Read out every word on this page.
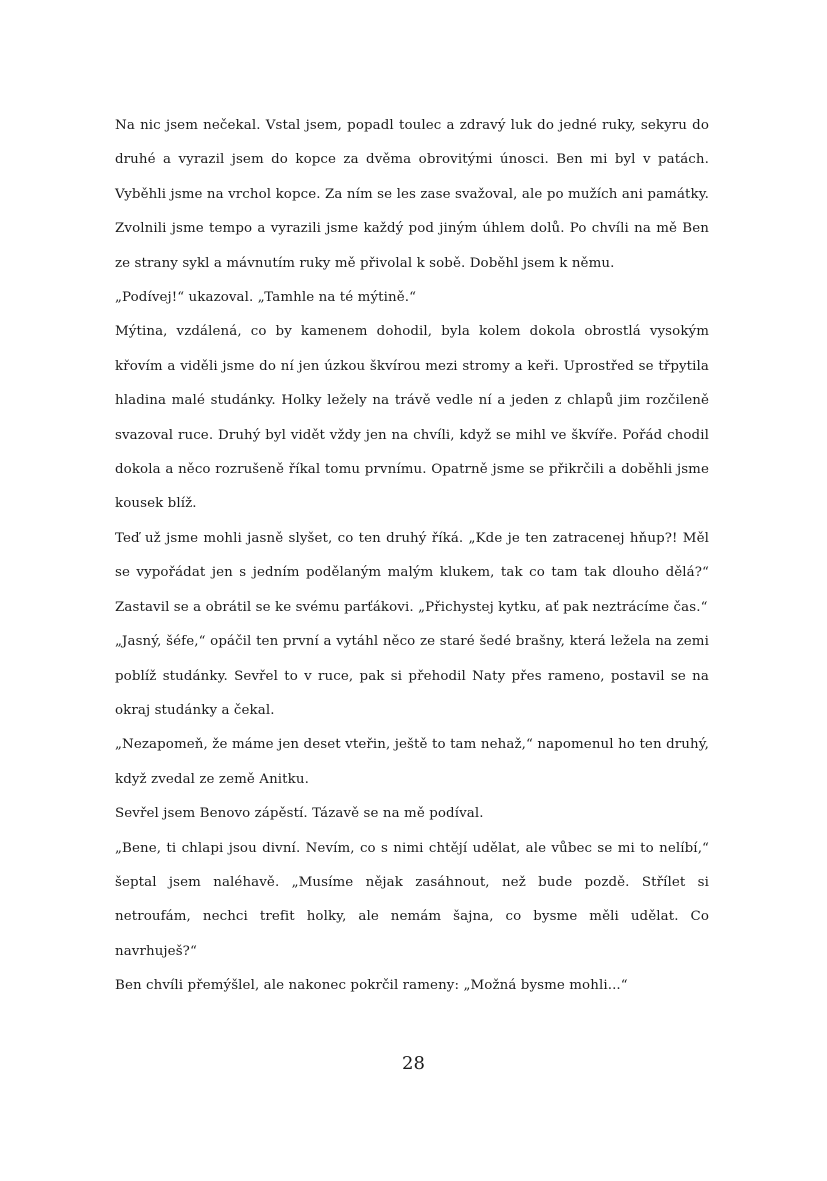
Na nic jsem nečekal. Vstal jsem, popadl toulec a zdravý luk do jedné ruky, sekyru do druhé a vyrazil jsem do kopce za dvěma obrovitými únosci. Ben mi byl v patách. Vyběhli jsme na vrchol kopce. Za ním se les zase svažoval, ale po mužích ani památky. Zvolnili jsme tempo a vyrazili jsme každý pod jiným úhlem dolů. Po chvíli na mě Ben ze strany sykl a mávnutím ruky mě přivolal k sobě. Doběhl jsem k němu.

„Podívej!“ ukazoval. „Tamhle na té mýtině.“

Mýtina, vzdálená, co by kamenem dohodil, byla kolem dokola obrostlá vysokým křovím a viděli jsme do ní jen úzkou škvírou mezi stromy a keři. Uprostřed se třpytila hladina malé studánky. Holky ležely na trávě vedle ní a jeden z chlapů jim rozčileně svazoval ruce. Druhý byl vidět vždy jen na chvíli, když se mihl ve škvíře. Pořád chodil dokola a něco rozrušeně říkal tomu prvnímu. Opatrně jsme se přikrčili a doběhli jsme kousek blíž.

Teď už jsme mohli jasně slyšet, co ten druhý říká. „Kde je ten zatracenej hňup?! Měl se vypořádat jen s jedním podělaným malým klukem, tak co tam tak dlouho dělá?“ Zastavil se a obrátil se ke svému parťákovi. „Přichystej kytku, ať pak neztrácíme čas.“

„Jasný, šéfe,“ opáčil ten první a vytáhl něco ze staré šedé brašny, která ležela na zemi poblíž studánky. Sevřel to v ruce, pak si přehodil Naty přes rameno, postavil se na okraj studánky a čekal.

„Nezapomeň, že máme jen deset vteřin, ještě to tam nehaž,“ napomenul ho ten druhý, když zvedal ze země Anitku.

Sevřel jsem Benovo zápěstí. Tázavě se na mě podíval.

„Bene, ti chlapi jsou divní. Nevím, co s nimi chtějí udělat, ale vůbec se mi to nelíbí,“ šeptal jsem naléhavě. „Musíme nějak zasáhnout, než bude pozdě. Střílet si netroufám, nechci trefit holky, ale nemám šajna, co bysme měli udělat. Co navrhuješ?“

Ben chvíli přemýšlel, ale nakonec pokrčil rameny: „Možná bysme mohli...“

28
